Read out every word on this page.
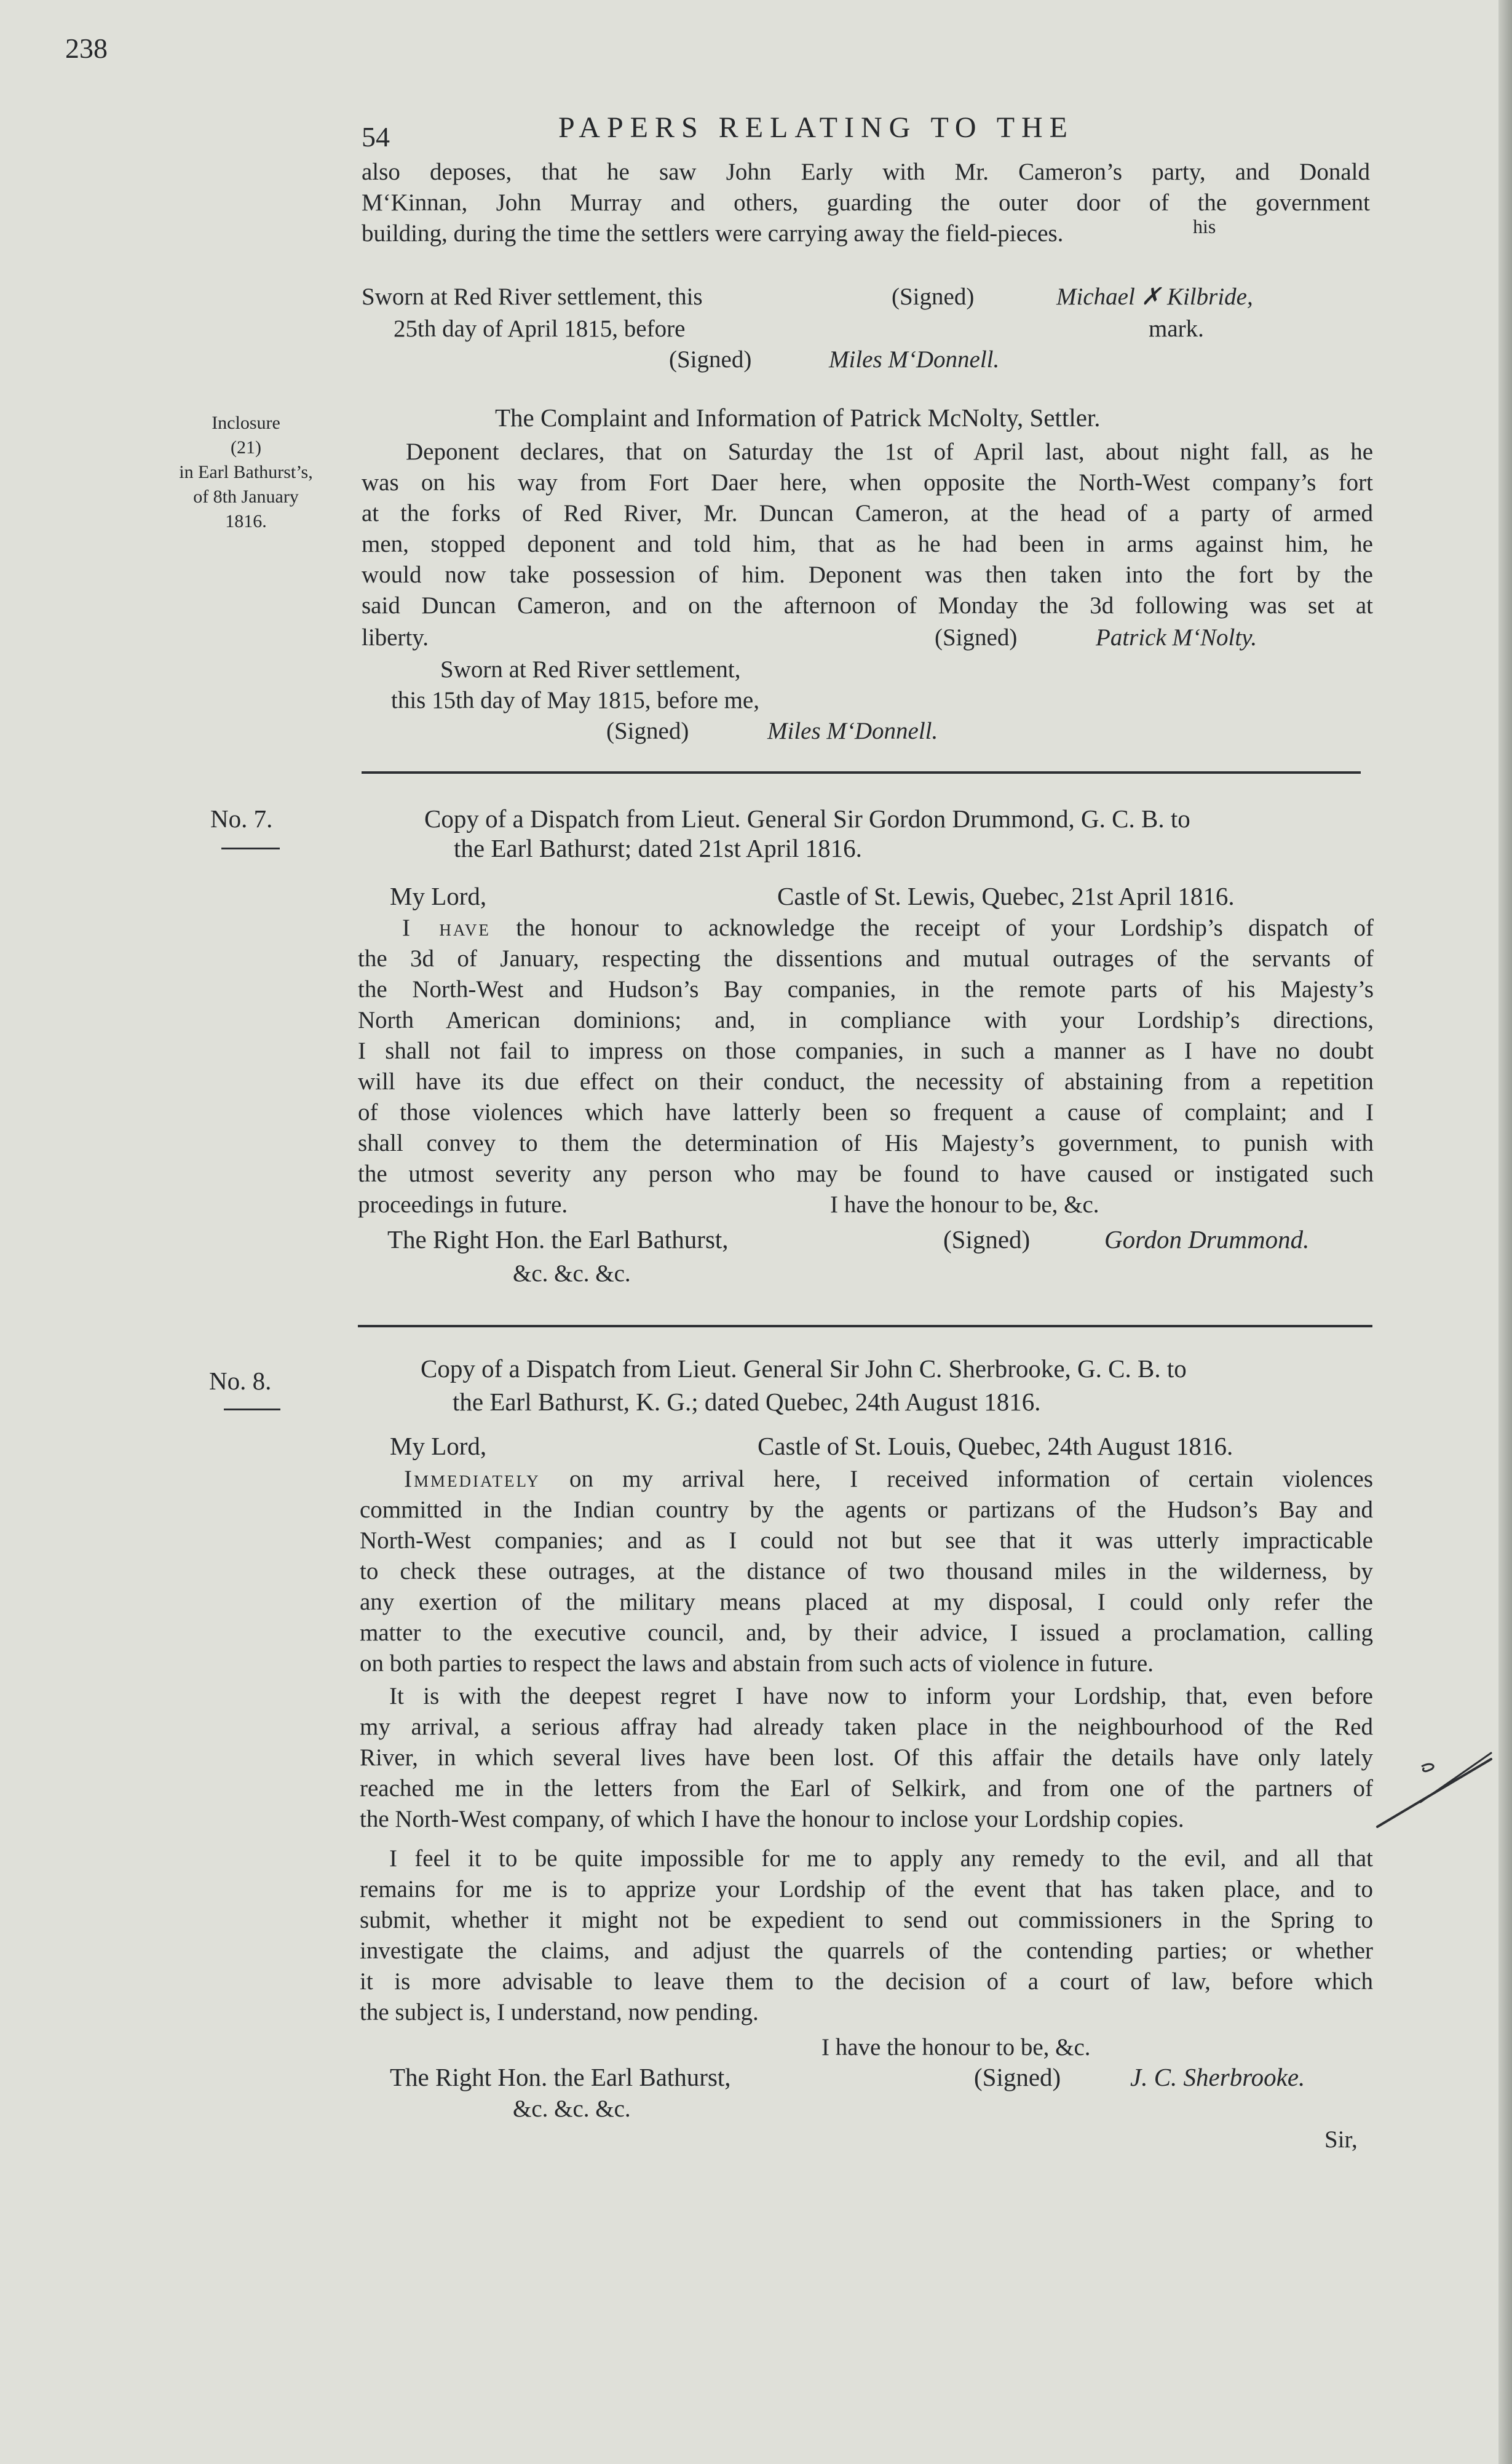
238
54	PAPERS RELATING TO THE
also deposes, that he saw John Early with Mr. Cameron’s party, and Donald
M‘Kinnan, John Murray and others, guarding the outer door of the government
building, during the time the settlers were carrying away the field-pieces.	his
Sworn at Red River settlement, this	(Signed)	Michael ✗ Kilbride,
25th day of April 1815, before	mark.
(Signed)	Miles M‘Donnell.
Inclosure
(21)
in Earl Bathurst’s,
of 8th January
1816.
The Complaint and Information of Patrick McNolty, Settler.
Deponent declares, that on Saturday the 1st of April last, about night fall, as he
was on his way from Fort Daer here, when opposite the North-West company’s fort
at the forks of Red River, Mr. Duncan Cameron, at the head of a party of armed
men, stopped deponent and told him, that as he had been in arms against him, he
would now take possession of him. Deponent was then taken into the fort by the
said Duncan Cameron, and on the afternoon of Monday the 3d following was set at
liberty.	(Signed)	Patrick M‘Nolty.
Sworn at Red River settlement,
this 15th day of May 1815, before me,
(Signed)	Miles M‘Donnell.
No. 7.	Copy of a Dispatch from Lieut. General Sir Gordon Drummond, G. C. B. to
the Earl Bathurst; dated 21st April 1816.
My Lord,	Castle of St. Lewis, Quebec, 21st April 1816.
I have the honour to acknowledge the receipt of your Lordship’s dispatch of
the 3d of January, respecting the dissentions and mutual outrages of the servants of
the North-West and Hudson’s Bay companies, in the remote parts of his Majesty’s
North American dominions; and, in compliance with your Lordship’s directions,
I shall not fail to impress on those companies, in such a manner as I have no doubt
will have its due effect on their conduct, the necessity of abstaining from a repetition
of those violences which have latterly been so frequent a cause of complaint; and I
shall convey to them the determination of His Majesty’s government, to punish with
the utmost severity any person who may be found to have caused or instigated such
proceedings in future.	I have the honour to be, &c.
The Right Hon. the Earl Bathurst,	(Signed)	Gordon Drummond.
&c. &c. &c.
No. 8.	Copy of a Dispatch from Lieut. General Sir John C. Sherbrooke, G. C. B. to
the Earl Bathurst, K. G.; dated Quebec, 24th August 1816.
My Lord,	Castle of St. Louis, Quebec, 24th August 1816.
Immediately on my arrival here, I received information of certain violences
committed in the Indian country by the agents or partizans of the Hudson’s Bay and
North-West companies; and as I could not but see that it was utterly impracticable
to check these outrages, at the distance of two thousand miles in the wilderness, by
any exertion of the military means placed at my disposal, I could only refer the
matter to the executive council, and, by their advice, I issued a proclamation, calling
on both parties to respect the laws and abstain from such acts of violence in future.
It is with the deepest regret I have now to inform your Lordship, that, even before
my arrival, a serious affray had already taken place in the neighbourhood of the Red
River, in which several lives have been lost. Of this affair the details have only lately
reached me in the letters from the Earl of Selkirk, and from one of the partners of
the North-West company, of which I have the honour to inclose your Lordship copies.
I feel it to be quite impossible for me to apply any remedy to the evil, and all that
remains for me is to apprize your Lordship of the event that has taken place, and to
submit, whether it might not be expedient to send out commissioners in the Spring to
investigate the claims, and adjust the quarrels of the contending parties; or whether
it is more advisable to leave them to the decision of a court of law, before which
the subject is, I understand, now pending.
I have the honour to be, &c.
The Right Hon. the Earl Bathurst,	(Signed)	J. C. Sherbrooke.
&c. &c. &c.
Sir,
